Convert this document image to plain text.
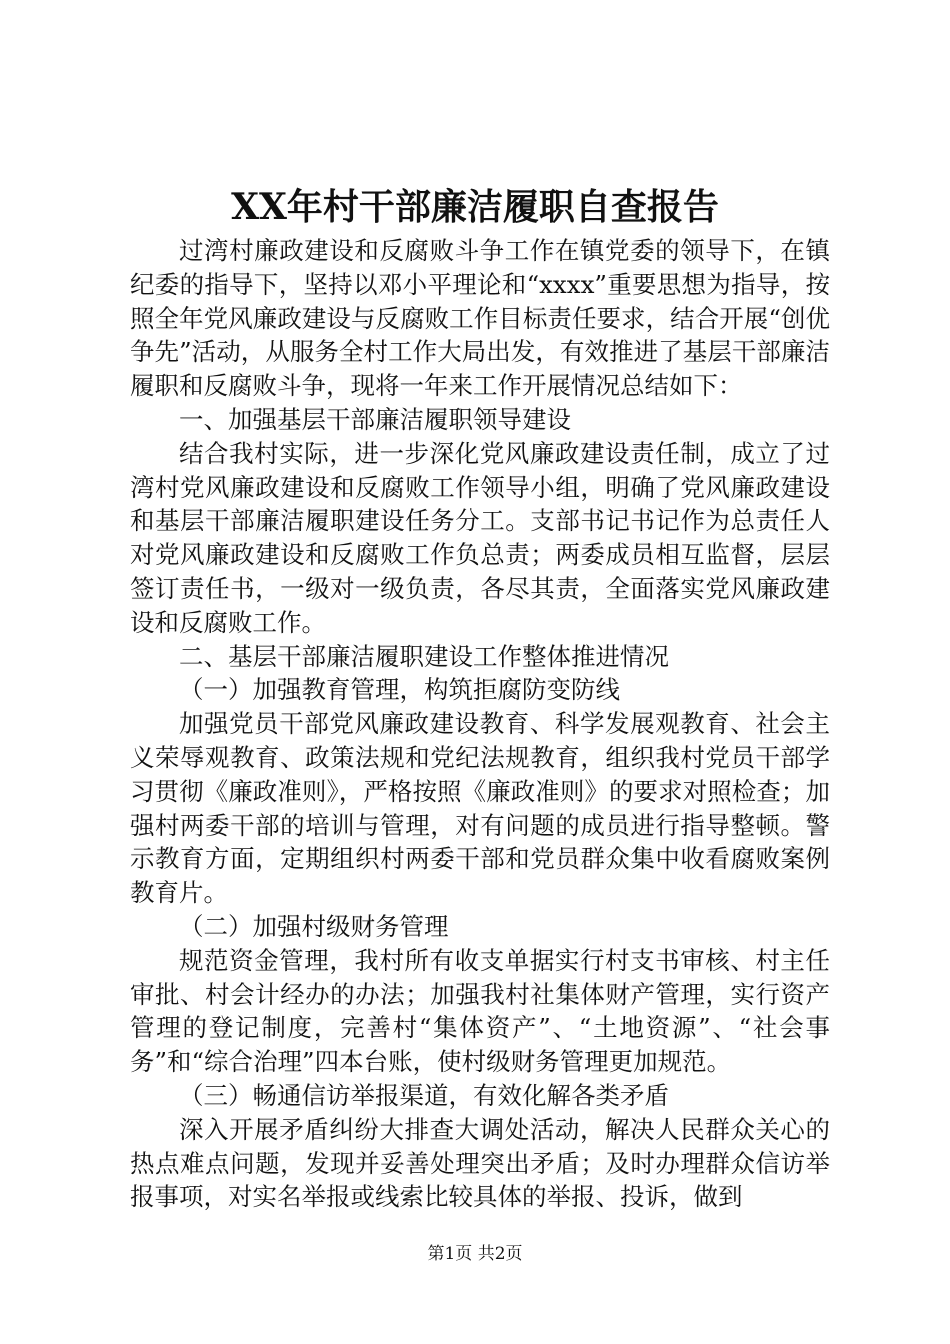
XX年村干部廉洁履职自查报告

过湾村廉政建设和反腐败斗争工作在镇党委的领导下，在镇纪委的指导下，坚持以邓小平理论和“xxxx”重要思想为指导，按照全年党风廉政建设与反腐败工作目标责任要求，结合开展“创优争先”活动，从服务全村工作大局出发，有效推进了基层干部廉洁履职和反腐败斗争，现将一年来工作开展情况总结如下：

一、加强基层干部廉洁履职领导建设

结合我村实际，进一步深化党风廉政建设责任制，成立了过湾村党风廉政建设和反腐败工作领导小组，明确了党风廉政建设和基层干部廉洁履职建设任务分工。支部书记书记作为总责任人对党风廉政建设和反腐败工作负总责；两委成员相互监督，层层签订责任书，一级对一级负责，各尽其责，全面落实党风廉政建设和反腐败工作。

二、基层干部廉洁履职建设工作整体推进情况

（一）加强教育管理，构筑拒腐防变防线

加强党员干部党风廉政建设教育、科学发展观教育、社会主义荣辱观教育、政策法规和党纪法规教育，组织我村党员干部学习贯彻《廉政准则》，严格按照《廉政准则》的要求对照检查；加强村两委干部的培训与管理，对有问题的成员进行指导整顿。警示教育方面，定期组织村两委干部和党员群众集中收看腐败案例教育片。

（二）加强村级财务管理

规范资金管理，我村所有收支单据实行村支书审核、村主任审批、村会计经办的办法；加强我村社集体财产管理，实行资产管理的登记制度，完善村“集体资产”、“土地资源”、“社会事务”和“综合治理”四本台账，使村级财务管理更加规范。

（三）畅通信访举报渠道，有效化解各类矛盾

深入开展矛盾纠纷大排查大调处活动，解决人民群众关心的热点难点问题，发现并妥善处理突出矛盾；及时办理群众信访举报事项，对实名举报或线索比较具体的举报、投诉，做到

第1页 共2页
